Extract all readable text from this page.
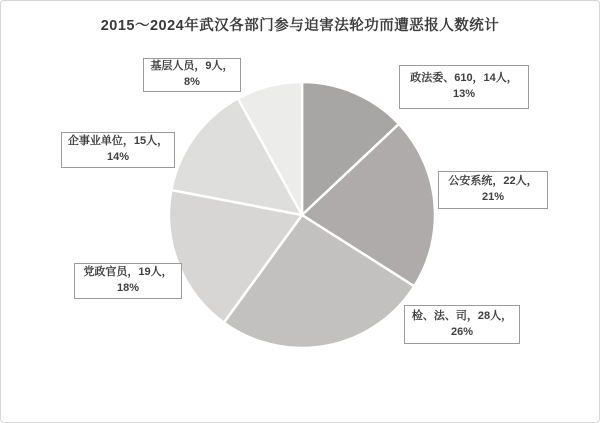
2015～2024年武汉各部门参与迫害法轮功而遭恶报人数统计
政法委、610，14人，
13%
公安系统，22人，
21%
检、法、司，28人，
26%
党政官员，19人，
18%
企事业单位，15人，
14%
基层人员，9人，
8%
